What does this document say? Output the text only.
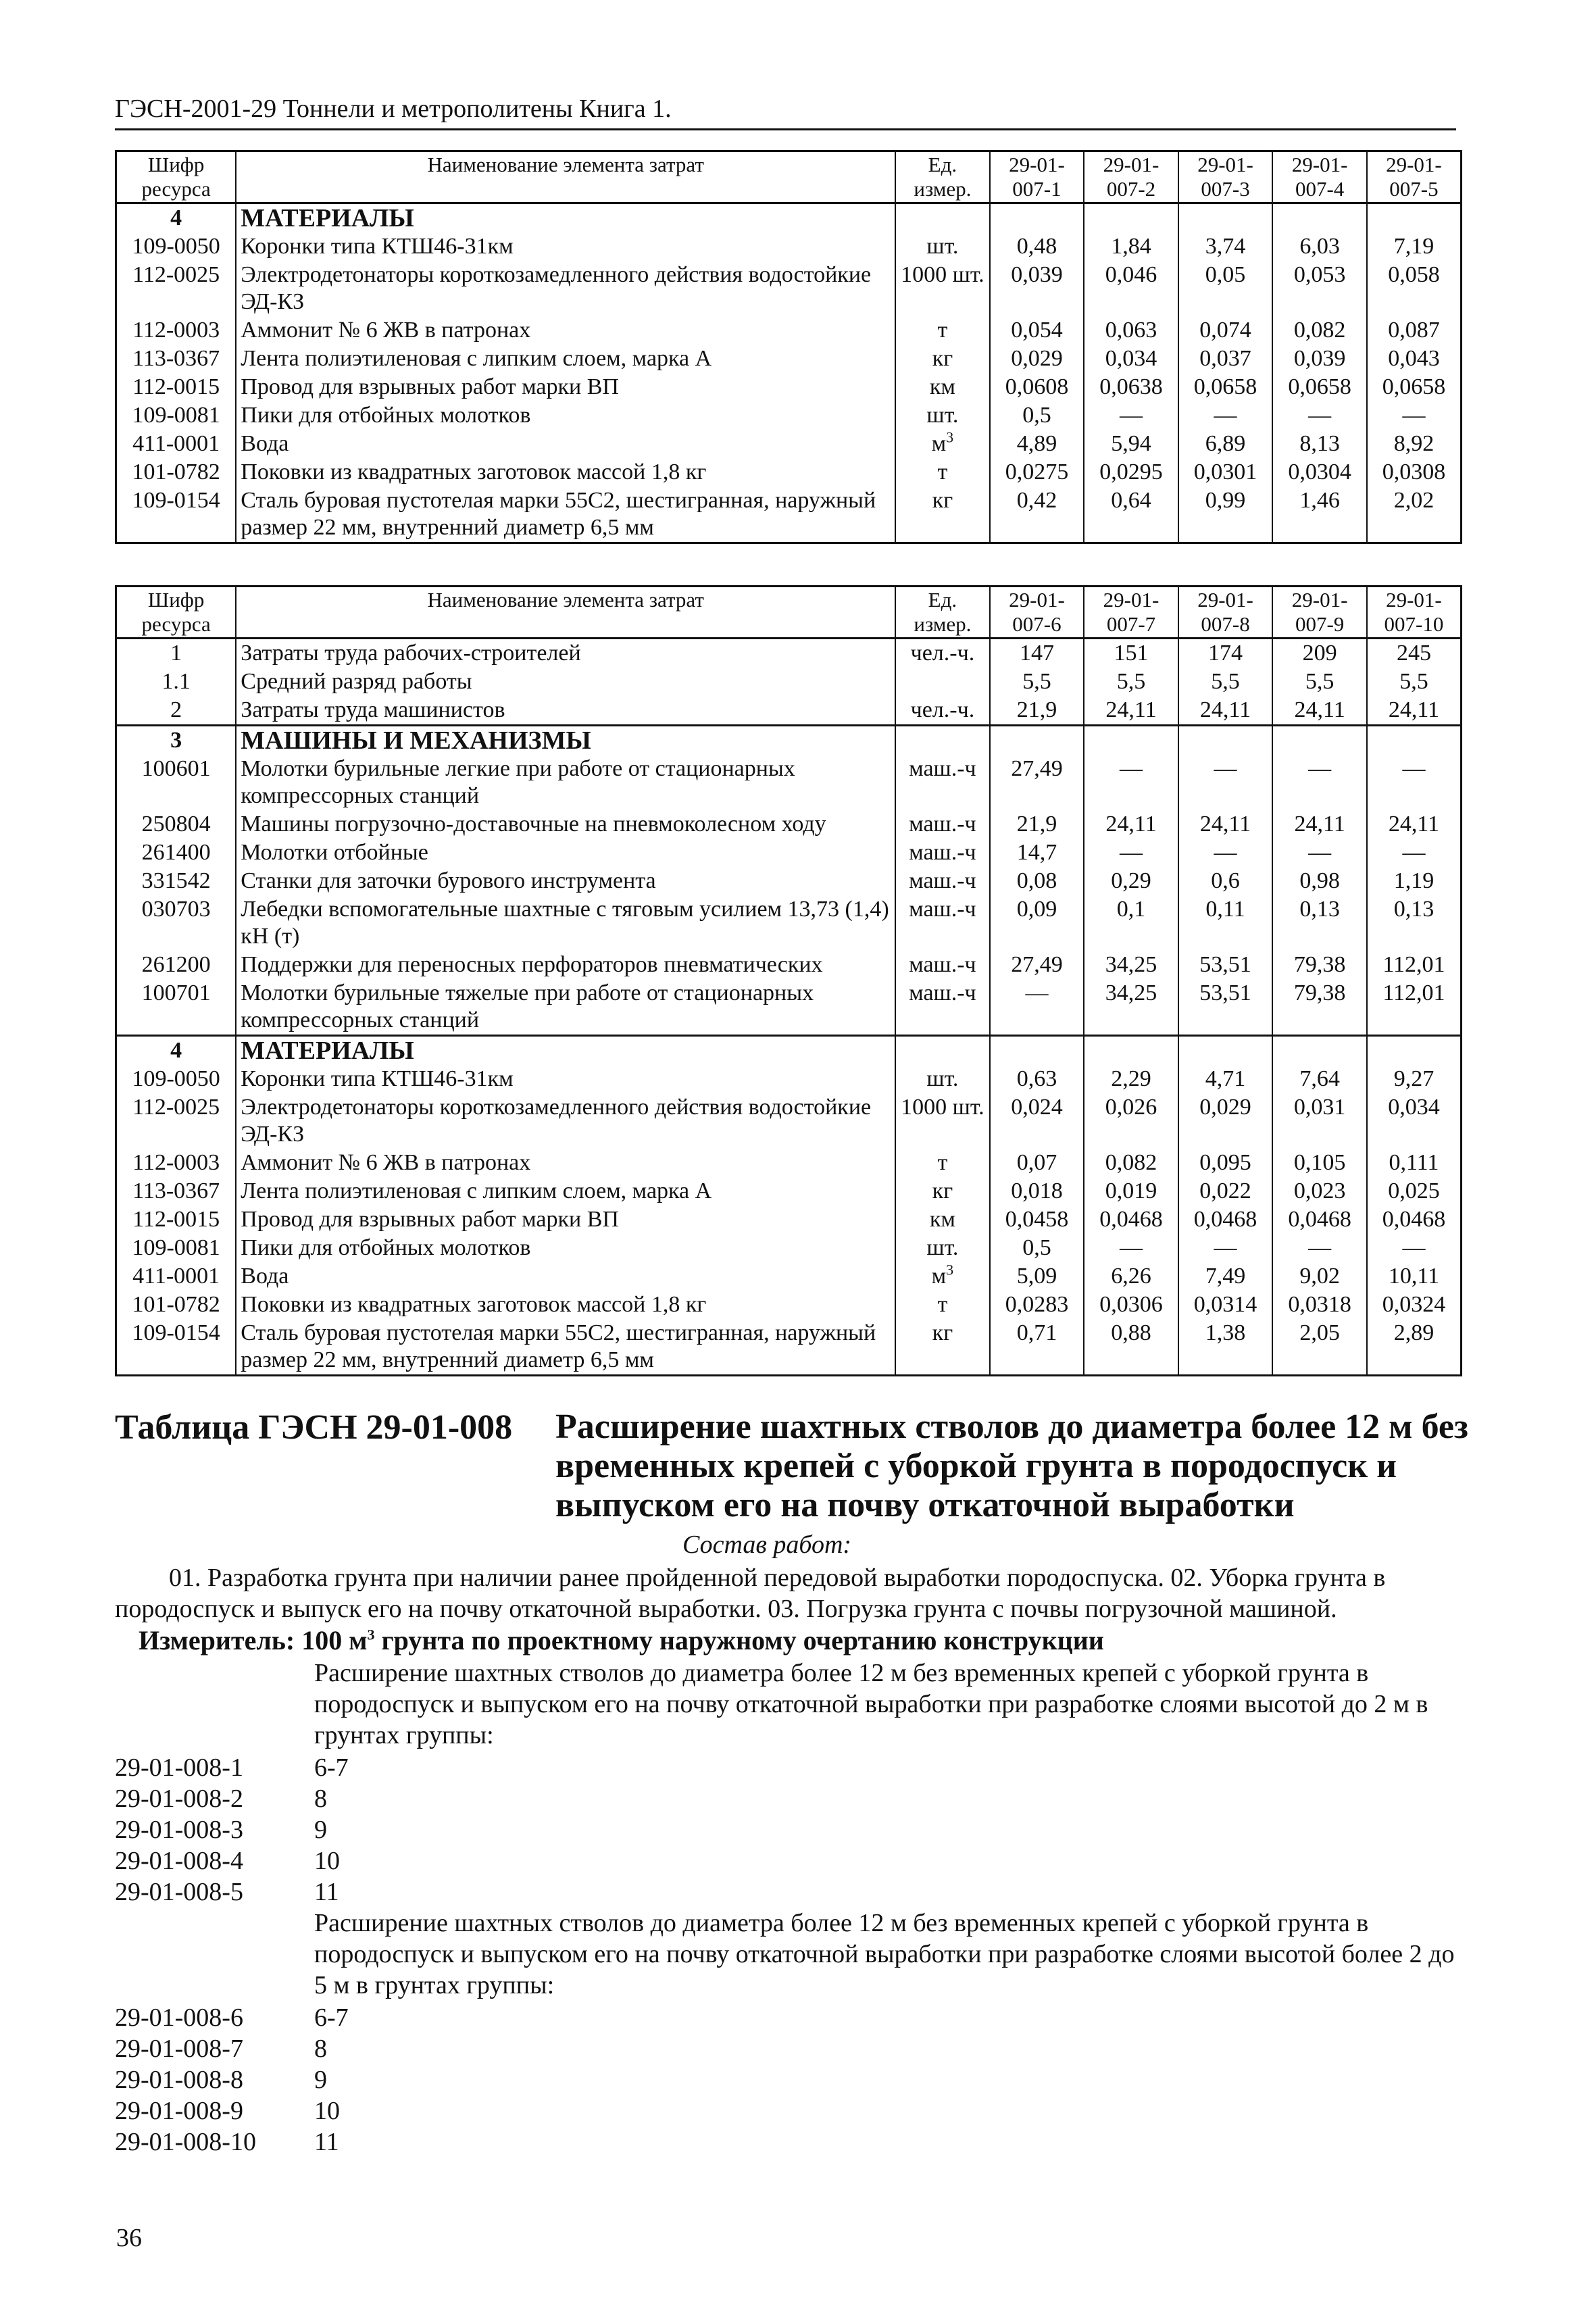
ГЭСН-2001-29 Тоннели и метрополитены Книга 1.
Шифр ресурса	Наименование элемента затрат	Ед. измер.	29-01-007-1	29-01-007-2	29-01-007-3	29-01-007-4	29-01-007-5
4	МАТЕРИАЛЫ						
109-0050	Коронки типа КТШ46-31км	шт.	0,48	1,84	3,74	6,03	7,19
112-0025	Электродетонаторы короткозамедленного действия водостойкие ЭД-КЗ	1000 шт.	0,039	0,046	0,05	0,053	0,058
112-0003	Аммонит № 6 ЖВ в патронах	т	0,054	0,063	0,074	0,082	0,087
113-0367	Лента полиэтиленовая с липким слоем, марка А	кг	0,029	0,034	0,037	0,039	0,043
112-0015	Провод для взрывных работ марки ВП	км	0,0608	0,0638	0,0658	0,0658	0,0658
109-0081	Пики для отбойных молотков	шт.	0,5	—	—	—	—
411-0001	Вода	$м^3$	4,89	5,94	6,89	8,13	8,92
101-0782	Поковки из квадратных заготовок массой 1,8 кг	т	0,0275	0,0295	0,0301	0,0304	0,0308
109-0154	Сталь буровая пустотелая марки 55С2, шестигранная, наружный размер 22 мм, внутренний диаметр 6,5 мм	кг	0,42	0,64	0,99	1,46	2,02
Шифр ресурса	Наименование элемента затрат	Ед. измер.	29-01-007-6	29-01-007-7	29-01-007-8	29-01-007-9	29-01-007-10
1	Затраты труда рабочих-строителей	чел.-ч.	147	151	174	209	245
1.1	Средний разряд работы		5,5	5,5	5,5	5,5	5,5
2	Затраты труда машинистов	чел.-ч.	21,9	24,11	24,11	24,11	24,11
3	МАШИНЫ И МЕХАНИЗМЫ						
100601	Молотки бурильные легкие при работе от стационарных компрессорных станций	маш.-ч	27,49	—	—	—	—
250804	Машины погрузочно-доставочные на пневмоколесном ходу	маш.-ч	21,9	24,11	24,11	24,11	24,11
261400	Молотки отбойные	маш.-ч	14,7	—	—	—	—
331542	Станки для заточки бурового инструмента	маш.-ч	0,08	0,29	0,6	0,98	1,19
030703	Лебедки вспомогательные шахтные с тяговым усилием 13,73 (1,4) кН (т)	маш.-ч	0,09	0,1	0,11	0,13	0,13
261200	Поддержки для переносных перфораторов пневматических	маш.-ч	27,49	34,25	53,51	79,38	112,01
100701	Молотки бурильные тяжелые при работе от стационарных компрессорных станций	маш.-ч	—	34,25	53,51	79,38	112,01
4	МАТЕРИАЛЫ						
109-0050	Коронки типа КТШ46-31км	шт.	0,63	2,29	4,71	7,64	9,27
112-0025	Электродетонаторы короткозамедленного действия водостойкие ЭД-КЗ	1000 шт.	0,024	0,026	0,029	0,031	0,034
112-0003	Аммонит № 6 ЖВ в патронах	т	0,07	0,082	0,095	0,105	0,111
113-0367	Лента полиэтиленовая с липким слоем, марка А	кг	0,018	0,019	0,022	0,023	0,025
112-0015	Провод для взрывных работ марки ВП	км	0,0458	0,0468	0,0468	0,0468	0,0468
109-0081	Пики для отбойных молотков	шт.	0,5	—	—	—	—
411-0001	Вода	$м^3$	5,09	6,26	7,49	9,02	10,11
101-0782	Поковки из квадратных заготовок массой 1,8 кг	т	0,0283	0,0306	0,0314	0,0318	0,0324
109-0154	Сталь буровая пустотелая марки 55С2, шестигранная, наружный размер 22 мм, внутренний диаметр 6,5 мм	кг	0,71	0,88	1,38	2,05	2,89
Таблица ГЭСН 29-01-008 Расширение шахтных стволов до диаметра более 12 м без временных крепей с уборкой грунта в породоспуск и выпуском его на почву откаточной выработки
Состав работ:
01. Разработка грунта при наличии ранее пройденной передовой выработки породоспуска. 02. Уборка грунта в породоспуск и выпуск его на почву откаточной выработки. 03. Погрузка грунта с почвы погрузочной машиной.
Измеритель: 100 $м^3$ грунта по проектному наружному очертанию конструкции
Расширение шахтных стволов до диаметра более 12 м без временных крепей с уборкой грунта в породоспуск и выпуском его на почву откаточной выработки при разработке слоями высотой до 2 м в грунтах группы:
29-01-008-1	6-7
29-01-008-2	8
29-01-008-3	9
29-01-008-4	10
29-01-008-5	11
Расширение шахтных стволов до диаметра более 12 м без временных крепей с уборкой грунта в породоспуск и выпуском его на почву откаточной выработки при разработке слоями высотой более 2 до 5 м в грунтах группы:
29-01-008-6	6-7
29-01-008-7	8
29-01-008-8	9
29-01-008-9	10
29-01-008-10	11
36
